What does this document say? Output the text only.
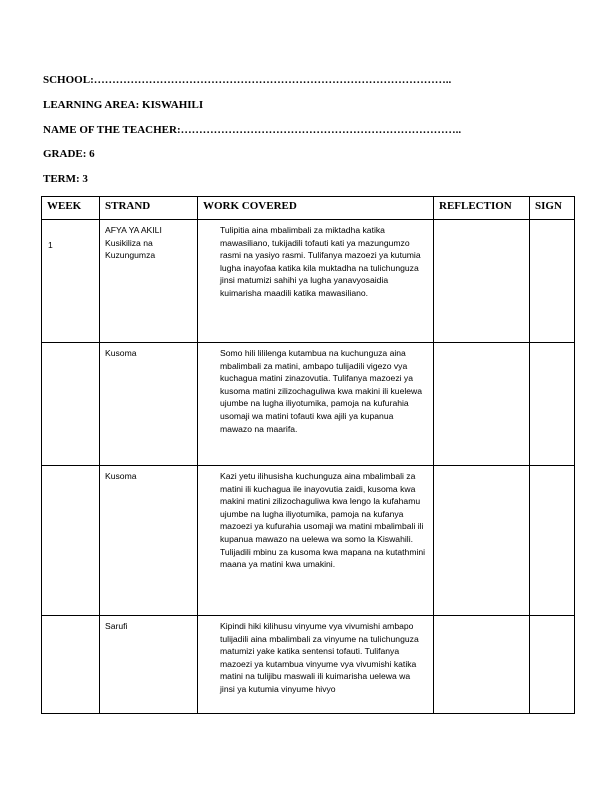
SCHOOL:……………………………………………………………………………………..
LEARNING AREA: KISWAHILI
NAME OF THE TEACHER:…………………………………………………………………..
GRADE: 6
TERM: 3
WEEK	STRAND	WORK COVERED	REFLECTION	SIGN
1	AFYA YA AKILI Kusikiliza na Kuzungumza	Tulipitia aina mbalimbali za miktadha katika mawasiliano, tukijadili tofauti kati ya mazungumzo rasmi na yasiyo rasmi. Tulifanya mazoezi ya kutumia lugha inayofaa katika kila muktadha na tulichunguza jinsi matumizi sahihi ya lugha yanavyosaidia kuimarisha maadili katika mawasiliano.		
	Kusoma	Somo hili lililenga kutambua na kuchunguza aina mbalimbali za matini, ambapo tulijadili vigezo vya kuchagua matini zinazovutia. Tulifanya mazoezi ya kusoma matini zilizochaguliwa kwa makini ili kuelewa ujumbe na lugha iliyotumika, pamoja na kufurahia usomaji wa matini tofauti kwa ajili ya kupanua mawazo na maarifa.		
	Kusoma	Kazi yetu ilihusisha kuchunguza aina mbalimbali za matini ili kuchagua ile inayovutia zaidi, kusoma kwa makini matini zilizochaguliwa kwa lengo la kufahamu ujumbe na lugha iliyotumika, pamoja na kufanya mazoezi ya kufurahia usomaji wa matini mbalimbali ili kupanua mawazo na uelewa wa somo la Kiswahili. Tulijadili mbinu za kusoma kwa mapana na kutathmini maana ya matini kwa umakini.		
	Sarufi	Kipindi hiki kilihusu vinyume vya vivumishi ambapo tulijadili aina mbalimbali za vinyume na tulichunguza matumizi yake katika sentensi tofauti. Tulifanya mazoezi ya kutambua vinyume vya vivumishi katika matini na tulijibu maswali ili kuimarisha uelewa wa jinsi ya kutumia vinyume hivyo		
